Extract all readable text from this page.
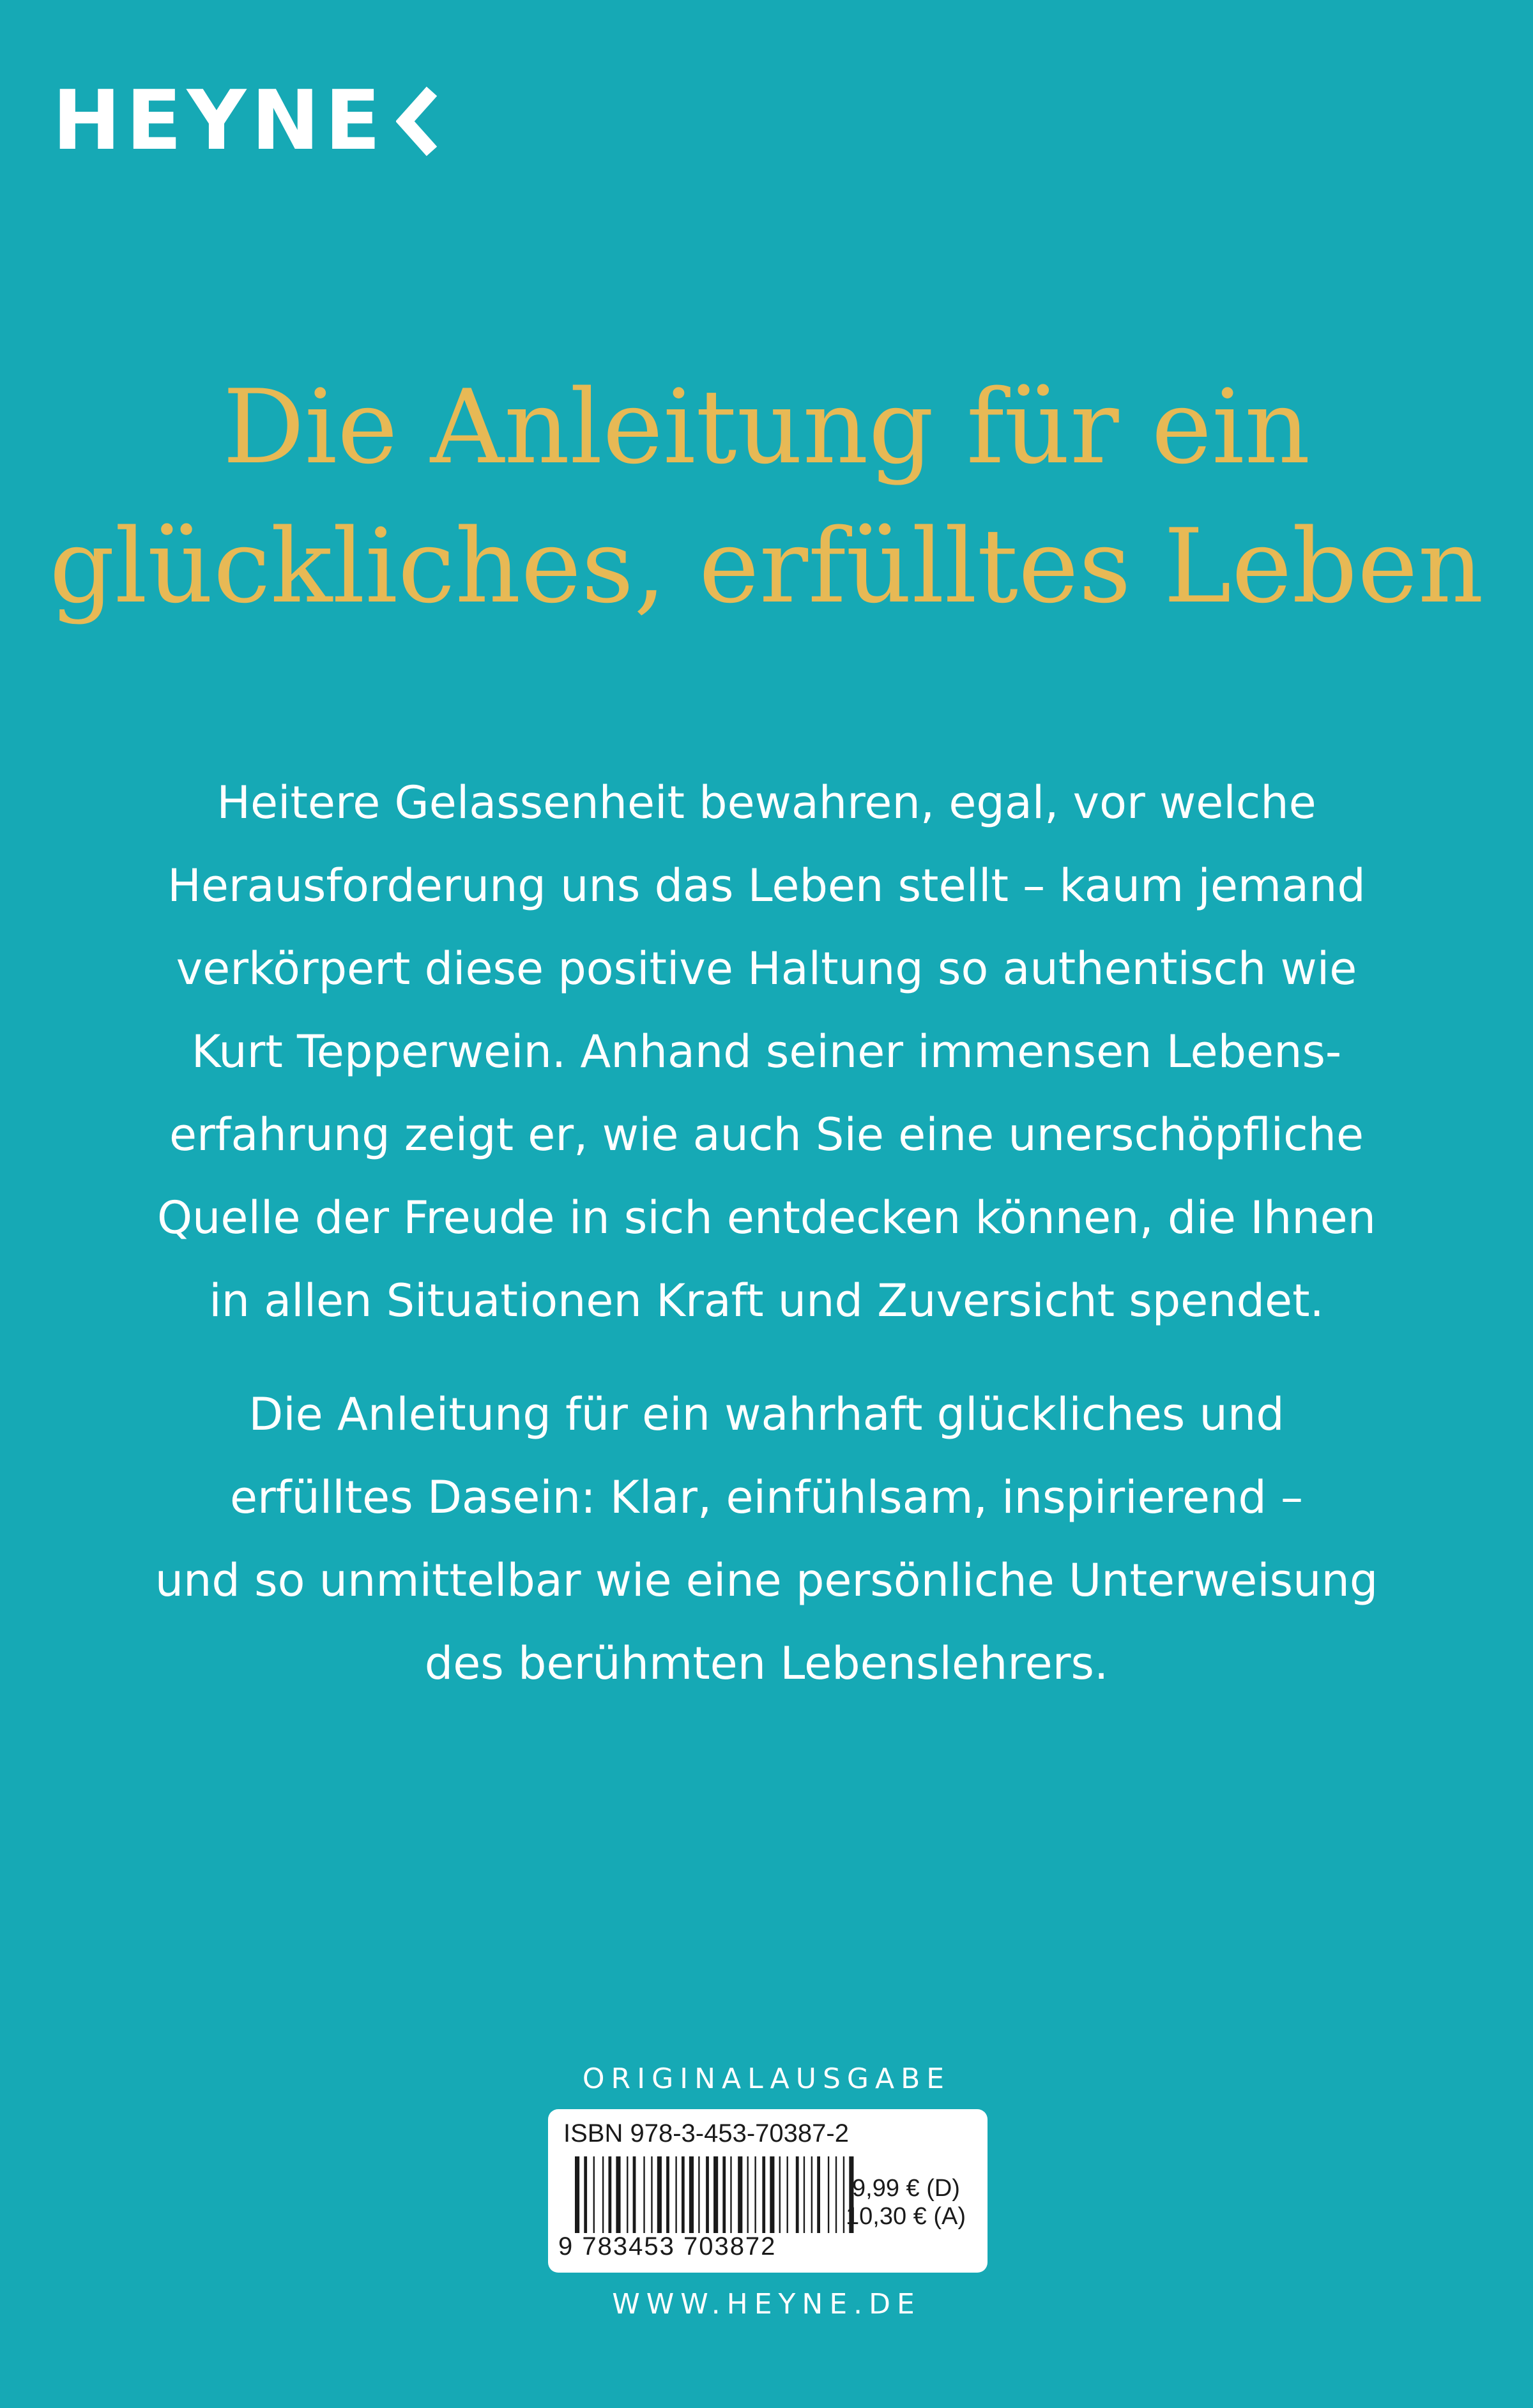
HEYNE
Die Anleitung für ein
glückliches, erfülltes Leben
Heitere Gelassenheit bewahren, egal, vor welche
Herausforderung uns das Leben stellt – kaum jemand
verkörpert diese positive Haltung so authentisch wie
Kurt Tepperwein. Anhand seiner immensen Lebens-
erfahrung zeigt er, wie auch Sie eine unerschöpfliche
Quelle der Freude in sich entdecken können, die Ihnen
in allen Situationen Kraft und Zuversicht spendet.
Die Anleitung für ein wahrhaft glückliches und
erfülltes Dasein: Klar, einfühlsam, inspirierend –
und so unmittelbar wie eine persönliche Unterweisung
des berühmten Lebenslehrers.
ORIGINALAUSGABE
ISBN 978-3-453-70387-2
9 783453 703872
9,99 € (D)
10,30 € (A)
WWW.HEYNE.DE
